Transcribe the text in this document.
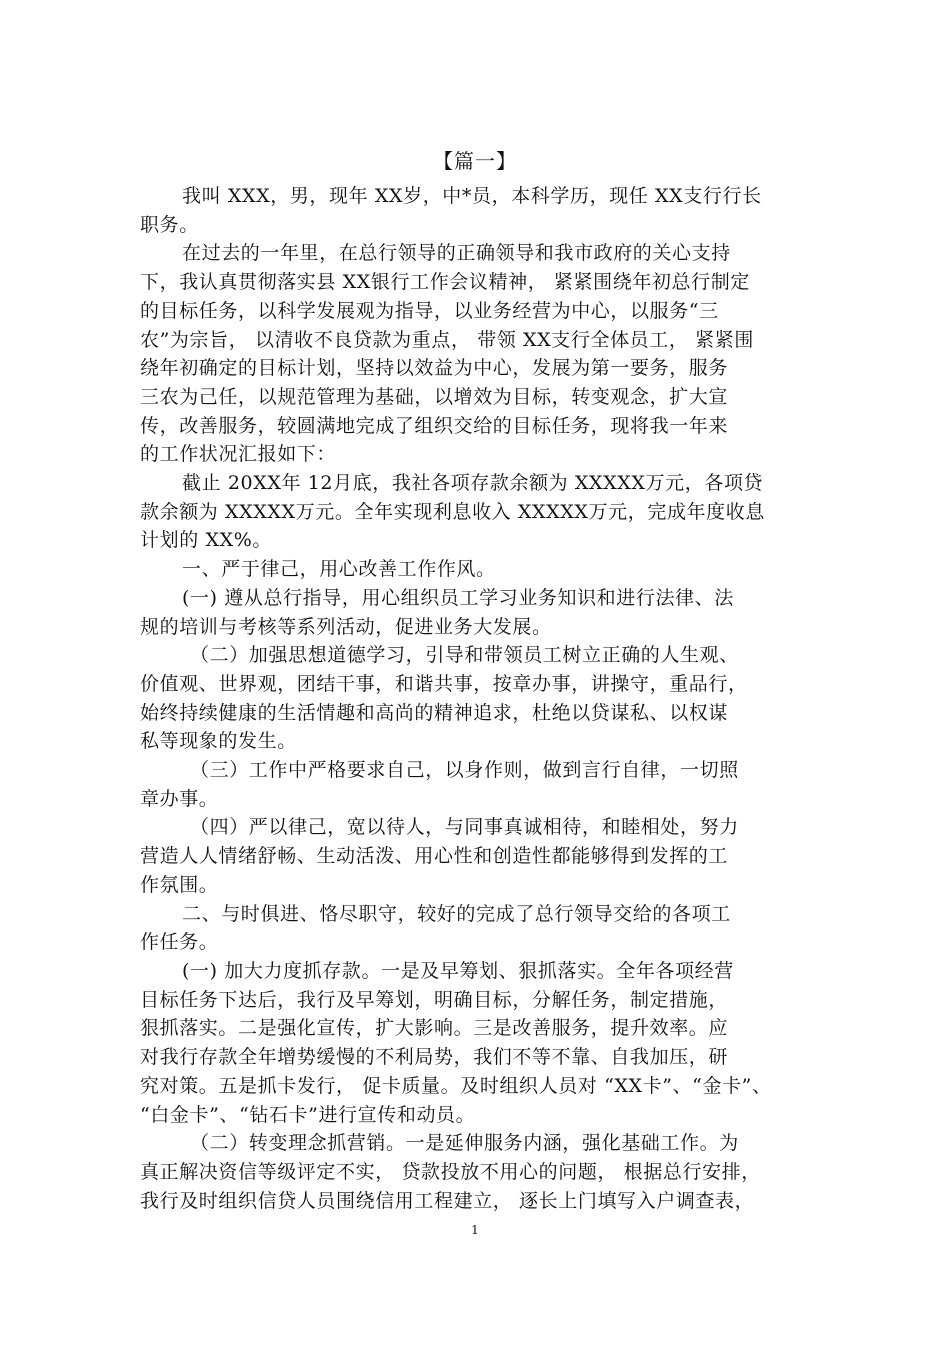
【篇一】
我叫 XXX，男，现年 XX岁，中*员，本科学历，现任 XX支行行长
职务。
在过去的一年里，在总行领导的正确领导和我市政府的关心支持
下，我认真贯彻落实县 XX银行工作会议精神， 紧紧围绕年初总行制定
的目标任务，以科学发展观为指导，以业务经营为中心，以服务“三
农”为宗旨， 以清收不良贷款为重点， 带领 XX支行全体员工， 紧紧围
绕年初确定的目标计划，坚持以效益为中心，发展为第一要务，服务
三农为己任，以规范管理为基础，以增效为目标，转变观念，扩大宣
传，改善服务，较圆满地完成了组织交给的目标任务，现将我一年来
的工作状况汇报如下：
截止 20XX年 12月底，我社各项存款余额为 XXXXX万元，各项贷
款余额为 XXXXX万元。全年实现利息收入 XXXXX万元，完成年度收息
计划的 XX%。
一、严于律己，用心改善工作作风。
(一) 遵从总行指导，用心组织员工学习业务知识和进行法律、法
规的培训与考核等系列活动，促进业务大发展。
（二）加强思想道德学习，引导和带领员工树立正确的人生观、
价值观、世界观，团结干事，和谐共事，按章办事，讲操守，重品行，
始终持续健康的生活情趣和高尚的精神追求，杜绝以贷谋私、以权谋
私等现象的发生。
（三）工作中严格要求自己，以身作则，做到言行自律，一切照
章办事。
（四）严以律己，宽以待人，与同事真诚相待，和睦相处，努力
营造人人情绪舒畅、生动活泼、用心性和创造性都能够得到发挥的工
作氛围。
二、与时俱进、恪尽职守，较好的完成了总行领导交给的各项工
作任务。
(一) 加大力度抓存款。一是及早筹划、狠抓落实。全年各项经营
目标任务下达后，我行及早筹划，明确目标，分解任务，制定措施，
狠抓落实。二是强化宣传，扩大影响。三是改善服务，提升效率。应
对我行存款全年增势缓慢的不利局势，我们不等不靠、自我加压，研
究对策。五是抓卡发行， 促卡质量。及时组织人员对 “XX卡”、“金卡”、
“白金卡”、“钻石卡”进行宣传和动员。
（二）转变理念抓营销。一是延伸服务内涵，强化基础工作。为
真正解决资信等级评定不实， 贷款投放不用心的问题， 根据总行安排，
我行及时组织信贷人员围绕信用工程建立， 逐长上门填写入户调查表，
1
